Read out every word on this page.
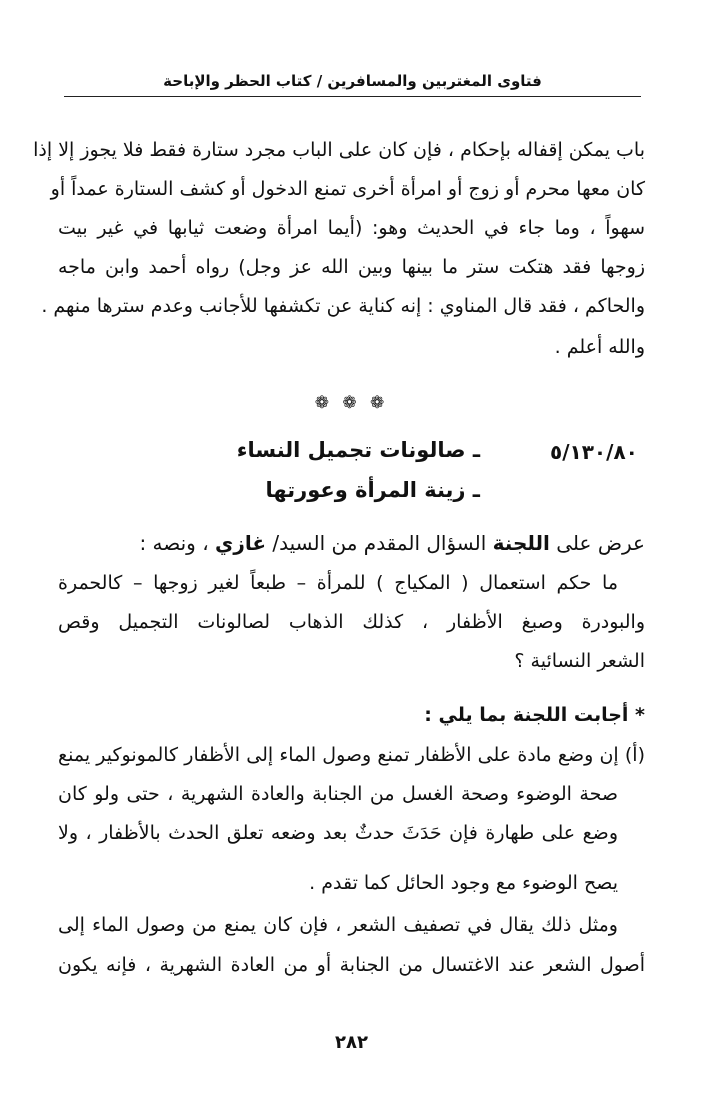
فتاوى المغتربين والمسافرين / كتاب الحظر والإباحة
باب يمكن إقفاله بإحكام ، فإن كان على الباب مجرد ستارة فقط فلا يجوز إلا إذا
كان معها محرم أو زوج أو امرأة أخرى تمنع الدخول أو كشف الستارة عمداً أو
سهواً ، وما جاء في الحديث وهو: (أيما امرأة وضعت ثيابها في غير بيت
زوجها فقد هتكت ستر ما بينها وبين الله عز وجل) رواه أحمد وابن ماجه
والحاكم ، فقد قال المناوي : إنه كناية عن تكشفها للأجانب وعدم سترها منهم .
والله أعلم .
❁ ❁ ❁
٥/١٣٠/٨٠
ـ صالونات تجميل النساء
ـ زينة المرأة وعورتها
عرض على اللجنة السؤال المقدم من السيد/ غازي ، ونصه :
ما حكم استعمال ( المكياج ) للمرأة – طبعاً لغير زوجها – كالحمرة
والبودرة وصبغ الأظفار ، كذلك الذهاب لصالونات التجميل وقص
الشعر النسائية ؟
* أجابت اللجنة بما يلي :
(أ) إن وضع مادة على الأظفار تمنع وصول الماء إلى الأظفار كالمونوكير يمنع
صحة الوضوء وصحة الغسل من الجنابة والعادة الشهرية ، حتى ولو كان
وضع على طهارة فإن حَدَثَ حدثٌ بعد وضعه تعلق الحدث بالأظفار ، ولا
يصح الوضوء مع وجود الحائل كما تقدم .
ومثل ذلك يقال في تصفيف الشعر ، فإن كان يمنع من وصول الماء إلى
أصول الشعر عند الاغتسال من الجنابة أو من العادة الشهرية ، فإنه يكون
٢٨٢
